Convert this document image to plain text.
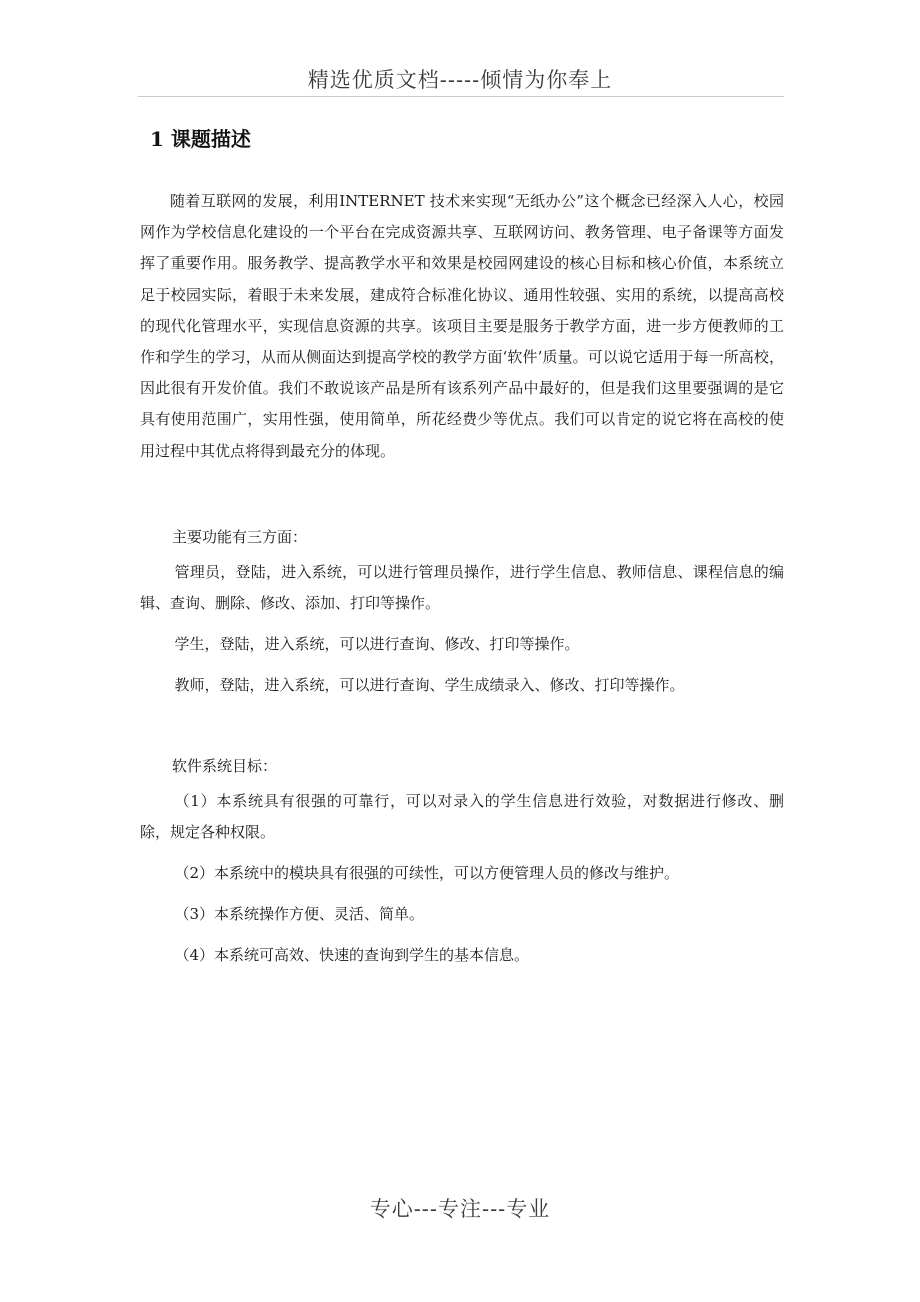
精选优质文档-----倾情为你奉上
1 课题描述

随着互联网的发展，利用INTERNET 技术来实现“无纸办公”这个概念已经深入人心，校园网作为学校信息化建设的一个平台在完成资源共享、互联网访问、教务管理、电子备课等方面发挥了重要作用。服务教学、提高教学水平和效果是校园网建设的核心目标和核心价值，本系统立足于校园实际，着眼于未来发展，建成符合标准化协议、通用性较强、实用的系统，以提高高校的现代化管理水平，实现信息资源的共享。该项目主要是服务于教学方面，进一步方便教师的工作和学生的学习，从而从侧面达到提高学校的教学方面‘软件’质量。可以说它适用于每一所高校，因此很有开发价值。我们不敢说该产品是所有该系列产品中最好的，但是我们这里要强调的是它具有使用范围广，实用性强，使用简单，所花经费少等优点。我们可以肯定的说它将在高校的使用过程中其优点将得到最充分的体现。

主要功能有三方面：

管理员，登陆，进入系统，可以进行管理员操作，进行学生信息、教师信息、课程信息的编辑、查询、删除、修改、添加、打印等操作。
学生，登陆，进入系统，可以进行查询、修改、打印等操作。
教师，登陆，进入系统，可以进行查询、学生成绩录入、修改、打印等操作。

软件系统目标：

（1）本系统具有很强的可靠行，可以对录入的学生信息进行效验，对数据进行修改、删除，规定各种权限。
（2）本系统中的模块具有很强的可续性，可以方便管理人员的修改与维护。
（3）本系统操作方便、灵活、简单。
（4）本系统可高效、快速的查询到学生的基本信息。
专心---专注---专业
